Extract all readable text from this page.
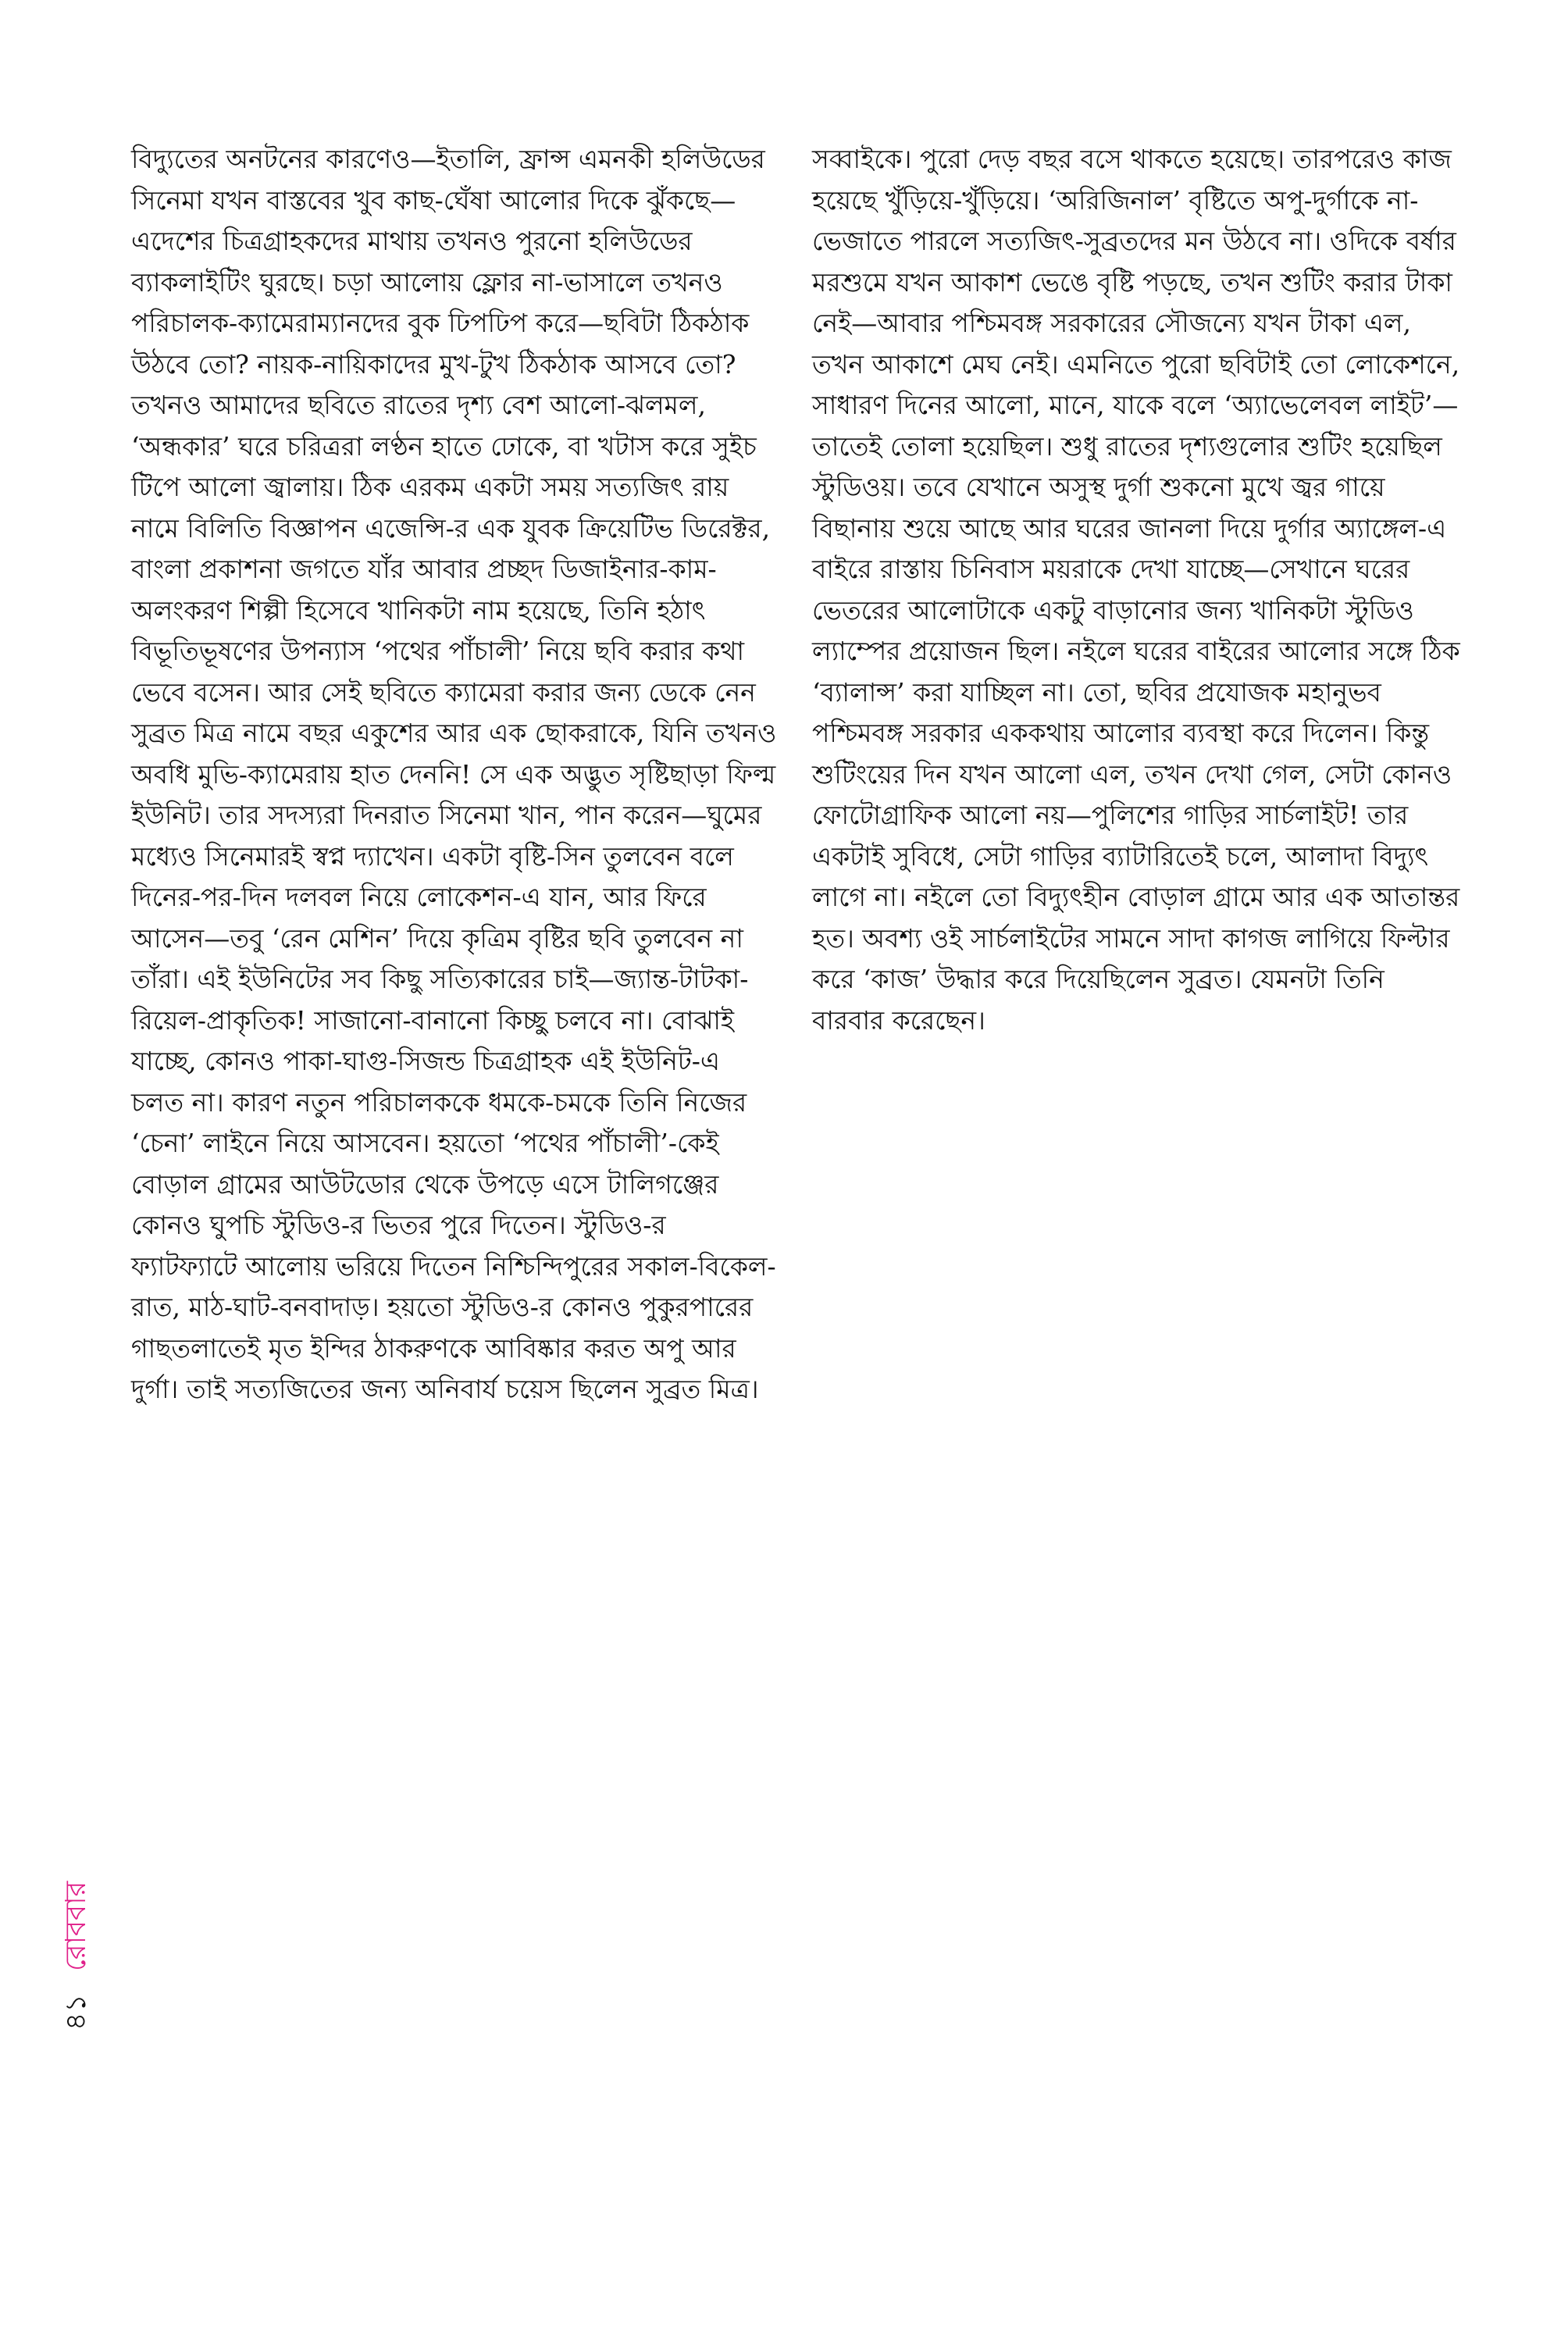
বিদ্যুতের অনটনের কারণেও—ইতালি, ফ্রান্স এমনকী হলিউডের সিনেমা যখন বাস্তবের খুব কাছ-ঘেঁষা আলোর দিকে ঝুঁকছে—এদেশের চিত্রগ্রাহকদের মাথায় তখনও পুরনো হলিউডের ব্যাকলাইটিং ঘুরছে। চড়া আলোয় ফ্লোর না-ভাসালে তখনও পরিচালক-ক্যামেরাম্যানদের বুক ঢিপঢিপ করে—ছবিটা ঠিকঠাক উঠবে তো? নায়ক-নায়িকাদের মুখ-টুখ ঠিকঠাক আসবে তো? তখনও আমাদের ছবিতে রাতের দৃশ্য বেশ আলো-ঝলমল, ‘অন্ধকার’ ঘরে চরিত্ররা লণ্ঠন হাতে ঢোকে, বা খটাস করে সুইচ টিপে আলো জ্বালায়। ঠিক এরকম একটা সময় সত্যজিৎ রায় নামে বিলিতি বিজ্ঞাপন এজেন্সি-র এক যুবক ক্রিয়েটিভ ডিরেক্টর, বাংলা প্রকাশনা জগতে যাঁর আবার প্রচ্ছদ ডিজাইনার-কাম-অলংকরণ শিল্পী হিসেবে খানিকটা নাম হয়েছে, তিনি হঠাৎ বিভূতিভূষণের উপন্যাস ‘পথের পাঁচালী’ নিয়ে ছবি করার কথা ভেবে বসেন। আর সেই ছবিতে ক্যামেরা করার জন্য ডেকে নেন সুব্রত মিত্র নামে বছর একুশের আর এক ছোকরাকে, যিনি তখনও অবধি মুভি-ক্যামেরায় হাত দেননি! সে এক অদ্ভুত সৃষ্টিছাড়া ফিল্ম ইউনিট। তার সদস্যরা দিনরাত সিনেমা খান, পান করেন—ঘুমের মধ্যেও সিনেমারই স্বপ্ন দ্যাখেন। একটা বৃষ্টি-সিন তুলবেন বলে দিনের-পর-দিন দলবল নিয়ে লোকেশন-এ যান, আর ফিরে আসেন—তবু ‘রেন মেশিন’ দিয়ে কৃত্রিম বৃষ্টির ছবি তুলবেন না তাঁরা। এই ইউনিটের সব কিছু সত্যিকারের চাই—জ্যান্ত-টাটকা-রিয়েল-প্রাকৃতিক! সাজানো-বানানো কিচ্ছু চলবে না। বোঝাই যাচ্ছে, কোনও পাকা-ঘাগু-সিজন্ড চিত্রগ্রাহক এই ইউনিট-এ চলত না। কারণ নতুন পরিচালককে ধমকে-চমকে তিনি নিজের ‘চেনা’ লাইনে নিয়ে আসবেন। হয়তো ‘পথের পাঁচালী’-কেই বোড়াল গ্রামের আউটডোর থেকে উপড়ে এসে টালিগঞ্জের কোনও ঘুপচি স্টুডিও-র ভিতর পুরে দিতেন। স্টুডিও-র ফ্যাটফ্যাটে আলোয় ভরিয়ে দিতেন নিশ্চিন্দিপুরের সকাল-বিকেল-রাত, মাঠ-ঘাট-বনবাদাড়। হয়তো স্টুডিও-র কোনও পুকুরপারের গাছতলাতেই মৃত ইন্দির ঠাকরুণকে আবিষ্কার করত অপু আর দুর্গা। তাই সত্যজিতের জন্য অনিবার্য চয়েস ছিলেন সুব্রত মিত্র।

সব্বাইকে। পুরো দেড় বছর বসে থাকতে হয়েছে। তারপরেও কাজ হয়েছে খুঁড়িয়ে-খুঁড়িয়ে। ‘অরিজিনাল’ বৃষ্টিতে অপু-দুর্গাকে না-ভেজাতে পারলে সত্যজিৎ-সুব্রতদের মন উঠবে না। ওদিকে বর্ষার মরশুমে যখন আকাশ ভেঙে বৃষ্টি পড়ছে, তখন শুটিং করার টাকা নেই—আবার পশ্চিমবঙ্গ সরকারের সৌজন্যে যখন টাকা এল, তখন আকাশে মেঘ নেই। এমনিতে পুরো ছবিটাই তো লোকেশনে, সাধারণ দিনের আলো, মানে, যাকে বলে ‘অ্যাভেলেবল লাইট’—তাতেই তোলা হয়েছিল। শুধু রাতের দৃশ্যগুলোর শুটিং হয়েছিল স্টুডিওয়। তবে যেখানে অসুস্থ দুর্গা শুকনো মুখে জ্বর গায়ে বিছানায় শুয়ে আছে আর ঘরের জানলা দিয়ে দুর্গার অ্যাঙ্গেল-এ বাইরে রাস্তায় চিনিবাস ময়রাকে দেখা যাচ্ছে—সেখানে ঘরের ভেতরের আলোটাকে একটু বাড়ানোর জন্য খানিকটা স্টুডিও ল্যাম্পের প্রয়োজন ছিল। নইলে ঘরের বাইরের আলোর সঙ্গে ঠিক ‘ব্যালান্স’ করা যাচ্ছিল না। তো, ছবির প্রযোজক মহানুভব পশ্চিমবঙ্গ সরকার এককথায় আলোর ব্যবস্থা করে দিলেন। কিন্তু শুটিংয়ের দিন যখন আলো এল, তখন দেখা গেল, সেটা কোনও ফোটোগ্রাফিক আলো নয়—পুলিশের গাড়ির সার্চলাইট! তার একটাই সুবিধে, সেটা গাড়ির ব্যাটারিতেই চলে, আলাদা বিদ্যুৎ লাগে না। নইলে তো বিদ্যুৎহীন বোড়াল গ্রামে আর এক আতান্তর হত। অবশ্য ওই সার্চলাইটের সামনে সাদা কাগজ লাগিয়ে ফিল্টার করে ‘কাজ’ উদ্ধার করে দিয়েছিলেন সুব্রত। যেমনটা তিনি বারবার করেছেন।

৪১ রোববার
